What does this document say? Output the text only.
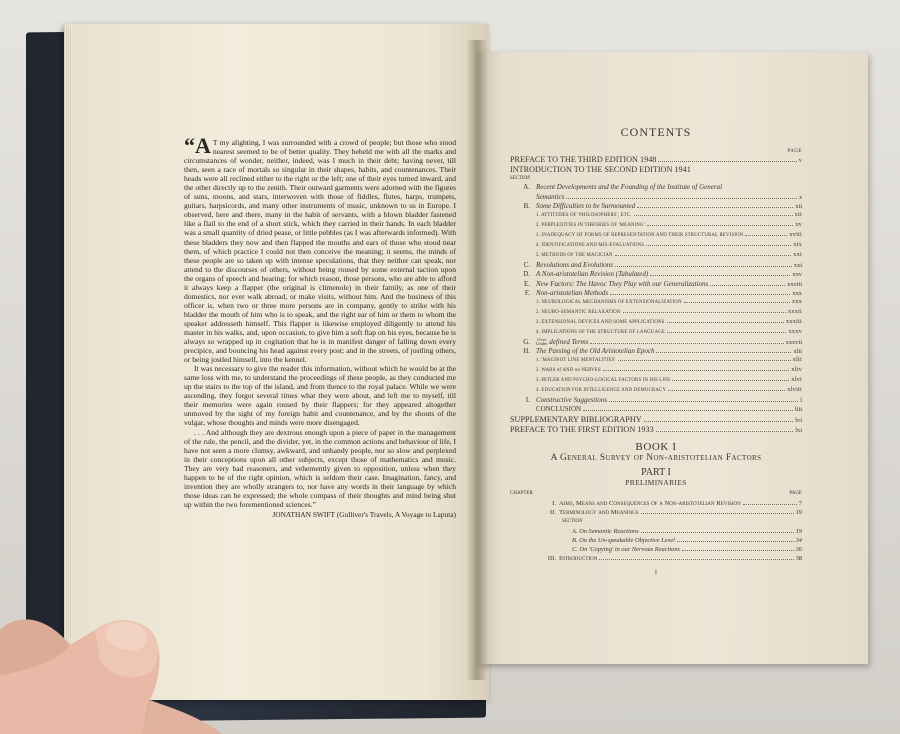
“A T my alighting, I was surrounded with a crowd of people; but those who stood nearest seemed to be of better quality. They beheld me with all the marks and circumstances of wonder, neither, indeed, was I much in their debt; having never, till then, seen a race of mortals so singular in their shapes, habits, and countenances. Their heads were all reclined either to the right or the left; one of their eyes turned inward, and the other directly up to the zenith. Their outward garments were adorned with the figures of suns, moons, and stars, interwoven with those of fiddles, flutes, harps, trumpets, guitars, harpsicords, and many other instruments of music, unknown to us in Europe. I observed, here and there, many in the habit of servants, with a blown bladder fastened like a flail to the end of a short stick, which they carried in their hands. In each bladder was a small quantity of dried pease, or little pebbles (as I was afterwards informed). With these bladders they now and then flapped the mouths and ears of those who stood near them, of which practice I could not then conceive the meaning; it seems, the minds of these people are so taken up with intense speculations, that they neither can speak, nor attend to the discourses of others, without being roused by some external taction upon the organs of speech and hearing; for which reason, those persons, who are able to afford it always keep a flapper (the original is climenole) in their family, as one of their domestics, nor ever walk abroad, or make visits, without him. And the business of this officer is, when two or three more persons are in company, gently to strike with his bladder the mouth of him who is to speak, and the right ear of him or them to whom the speaker addresseth himself. This flapper is likewise employed diligently to attend his master in his walks, and, upon occasion, to give him a soft flap on his eyes, because he is always so wrapped up in cogitation that he is in manifest danger of falling down every precipice, and bouncing his head against every post; and in the streets, of jostling others, or being jostled himself, into the kennel.

It was necessary to give the reader this information, without which he would be at the same loss with me, to understand the proceedings of these people, as they conducted me up the stairs to the top of the island, and from thence to the royal palace. While we were ascending, they forgot several times what they were about, and left me to myself, till their memories were again roused by their flappers; for they appeared altogether unmoved by the sight of my foreign habit and countenance, and by the shouts of the vulgar, whose thoughts and minds were more disengaged.

. . . And although they are dextrous enough upon a piece of paper in the management of the rule, the pencil, and the divider, yet, in the common actions and behaviour of life, I have not seen a more clumsy, awkward, and unhandy people, nor so slow and perplexed in their conceptions upon all other subjects, except those of mathematics and music. They are very bad reasoners, and vehemently given to opposition, unless when they happen to be of the right opinion, which is seldom their case. Imagination, fancy, and invention they are wholly strangers to, nor have any words in their language by which those ideas can be expressed; the whole compass of their thoughts and mind being shut up within the two forementioned sciences.”

JONATHAN SWIFT (Gulliver's Travels, A Voyage to Laputa)
CONTENTS
PAGE
PREFACE TO THE THIRD EDITION 1948	v
INTRODUCTION TO THE SECOND EDITION 1941
SECTION
A. Recent Developments and the Founding of the Institute of General
Semantics	x
B. Some Difficulties to be Surmounted	xii
1. ATTITUDES OF 'PHILOSOPHERS', ETC.	xii
2. PERPLEXITIES IN THEORIES OF 'MEANING'	xv
3. INADEQUACY OF FORMS OF REPRESENTATION AND THEIR STRUCTURAL REVISION	xviii
4. IDENTIFICATIONS AND MIS-EVALUATIONS	xix
5. METHODS OF THE MAGICIAN	xxi
C. Revolutions and Evolutions	xxi
D. A Non-aristotelian Revision (Tabulated)	xxv
E. New Factors: The Havoc They Play with our Generalizations	xxviii
F. Non-aristotelian Methods	xxx
1. NEUROLOGICAL MECHANISMS OF EXTENSIONALIZATION	xxx
2. NEURO-SEMANTIC RELAXATION	xxxii
3. EXTENSIONAL DEVICES AND SOME APPLICATIONS	xxxiii
4. IMPLICATIONS OF THE STRUCTURE OF LANGUAGE	xxxv
G. Over
Under defined Terms	xxxvii
H. The Passing of the Old Aristotelian Epoch	xlii
1. 'MAGINOT LINE MENTALITIES'	xlii
2. WARS of AND on NERVES	xliv
3. HITLER AND PSYCHO-LOGICAL FACTORS IN HIS LIFE	xlvi
4. EDUCATION FOR INTELLIGENCE AND DEMOCRACY	xlviii
I. Constructive Suggestions	l
CONCLUSION	liii
SUPPLEMENTARY BIBLIOGRAPHY	lvi
PREFACE TO THE FIRST EDITION 1933	lxi
BOOK I
A General Survey of Non-aristotelian Factors
PART I
PRELIMINARIES
CHAPTER	PAGE
I. Aims, Means and Consequences of a Non-aristotelian Revision	7
II. Terminology and Meanings	19
SECTION
A. On Semantic Reactions	19
B. On the Un-speakable Objective Level	34
C. On 'Copying' in our Nervous Reactions	36
III. Introduction	38
i
